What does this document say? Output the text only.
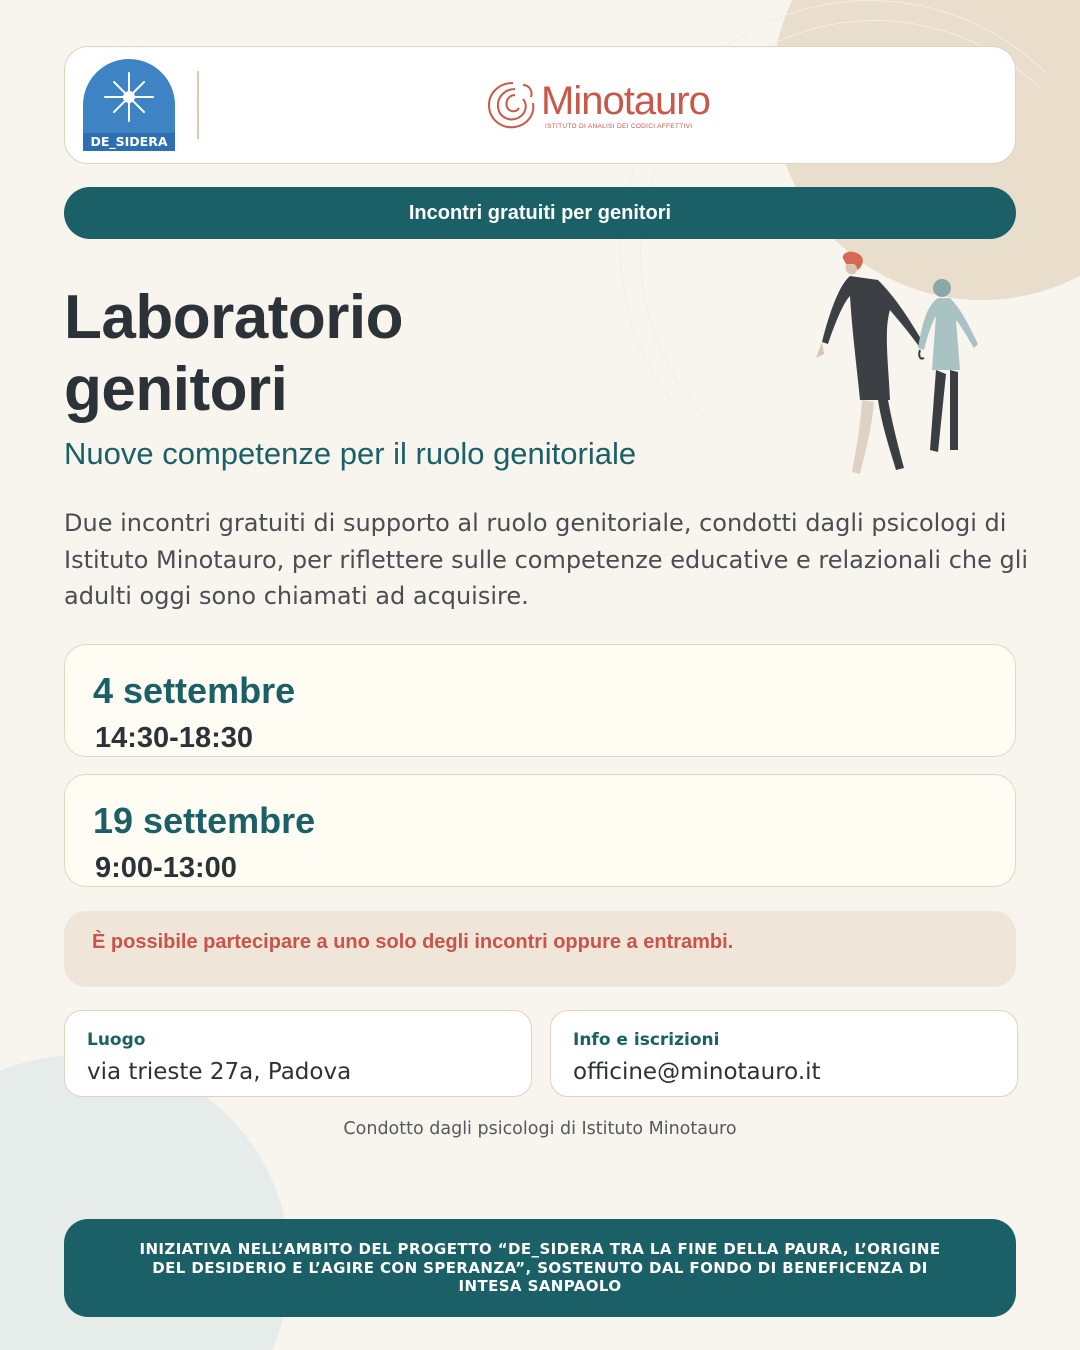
DE_SIDERA
Minotauro
ISTITUTO DI ANALISI DEI CODICI AFFETTIVI
Incontri gratuiti per genitori
Laboratorio
genitori
Nuove competenze per il ruolo genitoriale

Due incontri gratuiti di supporto al ruolo genitoriale, condotti dagli psicologi di Istituto Minotauro, per riflettere sulle competenze educative e relazionali che gli adulti oggi sono chiamati ad acquisire.

4 settembre
14:30-18:30
19 settembre
9:00-13:00
È possibile partecipare a uno solo degli incontri oppure a entrambi.
Luogo
via trieste 27a, Padova
Info e iscrizioni
officine@minotauro.it
Condotto dagli psicologi di Istituto Minotauro
INIZIATIVA NELL’AMBITO DEL PROGETTO “DE_SIDERA TRA LA FINE DELLA PAURA, L’ORIGINE DEL DESIDERIO E L’AGIRE CON SPERANZA”, SOSTENUTO DAL FONDO DI BENEFICENZA DI INTESA SANPAOLO
